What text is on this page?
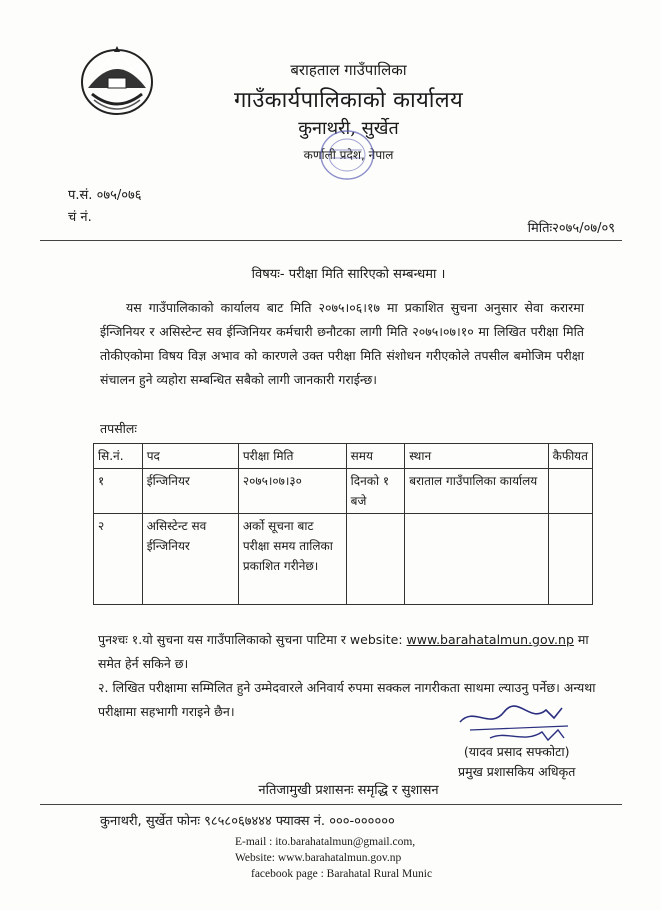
बराहताल गाउँपालिका
गाउँकार्यपालिकाको कार्यालय
कुनाथरी, सुर्खेत
कर्णाली प्रदेश, नेपाल
प.सं. ०७५/०७६
चं नं.
मितिः२०७५/०७/०९
विषयः- परीक्षा मिति सारिएको सम्बन्धमा ।
यस गाउँपालिकाको कार्यालय बाट मिति २०७५।०६।१७ मा प्रकाशित सुचना अनुसार सेवा करारमा ईन्जिनियर र असिस्टेन्ट सव ईन्जिनियर कर्मचारी छनौटका लागी मिति २०७५।०७।१० मा लिखित परीक्षा मिति तोकीएकोमा विषय विज्ञ अभाव को कारणले उक्त परीक्षा मिति संशोधन गरीएकोले तपसील बमोजिम परीक्षा संचालन हुने व्यहोरा सम्बन्धित सबैको लागी जानकारी गराईन्छ।
तपसीलः
सि.नं.	पद	परीक्षा मिति	समय	स्थान	कैफीयत
१	ईन्जिनियर	२०७५।०७।३०	दिनको १ बजे	बराताल गाउँपालिका कार्यालय	
२	असिस्टेन्ट सव ईन्जिनियर	अर्को सूचना बाट परीक्षा समय तालिका प्रकाशित गरीनेछ।			
पुनश्चः १.यो सुचना यस गाउँपालिकाको सुचना पाटिमा र website: www.barahatalmun.gov.np मा समेत हेर्न सकिने छ।
२. लिखित परीक्षामा सम्मिलित हुने उम्मेदवारले अनिवार्य रुपमा सक्कल नागरीकता साथमा ल्याउनु पर्नेछ। अन्यथा परीक्षामा सहभागी गराइने छैन।
(यादव प्रसाद सफ्कोटा)
प्रमुख प्रशासकिय अधिकृत
नतिजामुखी प्रशासनः समृद्धि र सुशासन
कुनाथरी, सुर्खेत फोनः ९८५८०६७४४४ फ्याक्स नं. ०००-००००००
E-mail : ito.barahatalmun@gmail.com,
Website: www.barahatalmun.gov.np
facebook page : Barahatal Rural Munic
